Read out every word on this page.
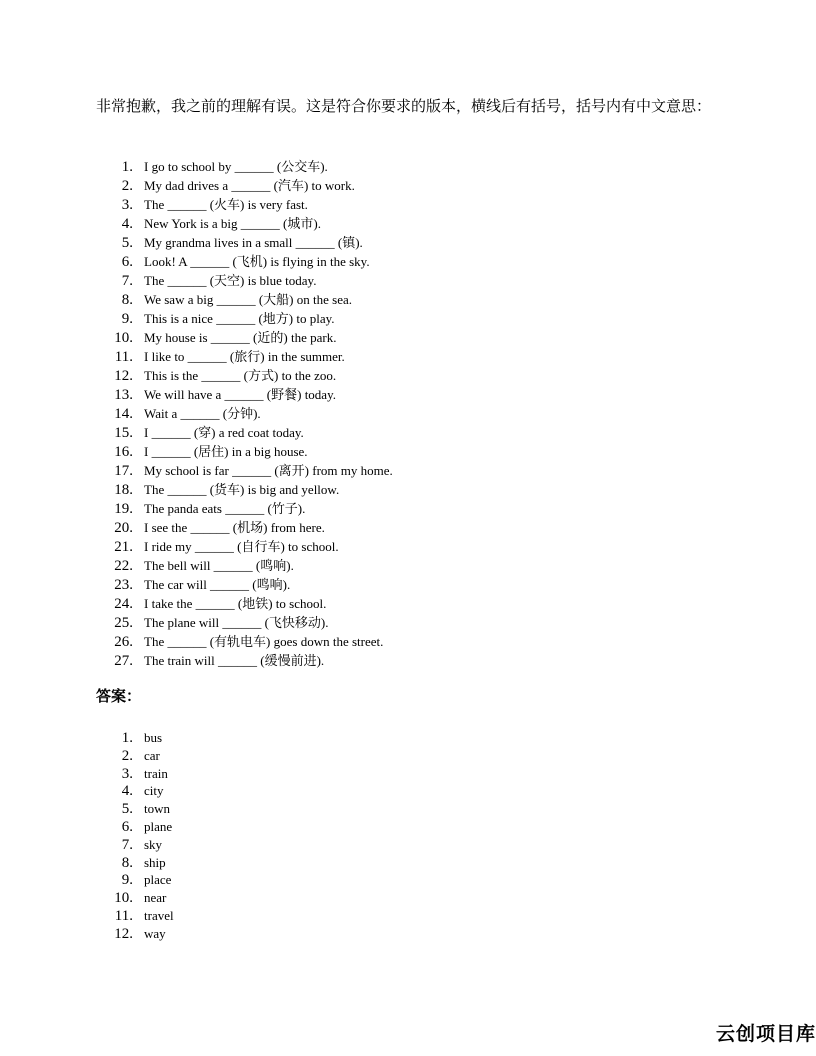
非常抱歉，我之前的理解有误。这是符合你要求的版本，横线后有括号，括号内有中文意思：

1. I go to school by ______ (公交车).
2. My dad drives a ______ (汽车) to work.
3. The ______ (火车) is very fast.
4. New York is a big ______ (城市).
5. My grandma lives in a small ______ (镇).
6. Look! A ______ (飞机) is flying in the sky.
7. The ______ (天空) is blue today.
8. We saw a big ______ (大船) on the sea.
9. This is a nice ______ (地方) to play.
10. My house is ______ (近的) the park.
11. I like to ______ (旅行) in the summer.
12. This is the ______ (方式) to the zoo.
13. We will have a ______ (野餐) today.
14. Wait a ______ (分钟).
15. I ______ (穿) a red coat today.
16. I ______ (居住) in a big house.
17. My school is far ______ (离开) from my home.
18. The ______ (货车) is big and yellow.
19. The panda eats ______ (竹子).
20. I see the ______ (机场) from here.
21. I ride my ______ (自行车) to school.
22. The bell will ______ (鸣响).
23. The car will ______ (鸣响).
24. I take the ______ (地铁) to school.
25. The plane will ______ (飞快移动).
26. The ______ (有轨电车) goes down the street.
27. The train will ______ (缓慢前进).

答案：

1. bus
2. car
3. train
4. city
5. town
6. plane
7. sky
8. ship
9. place
10. near
11. travel
12. way
云创项目库
